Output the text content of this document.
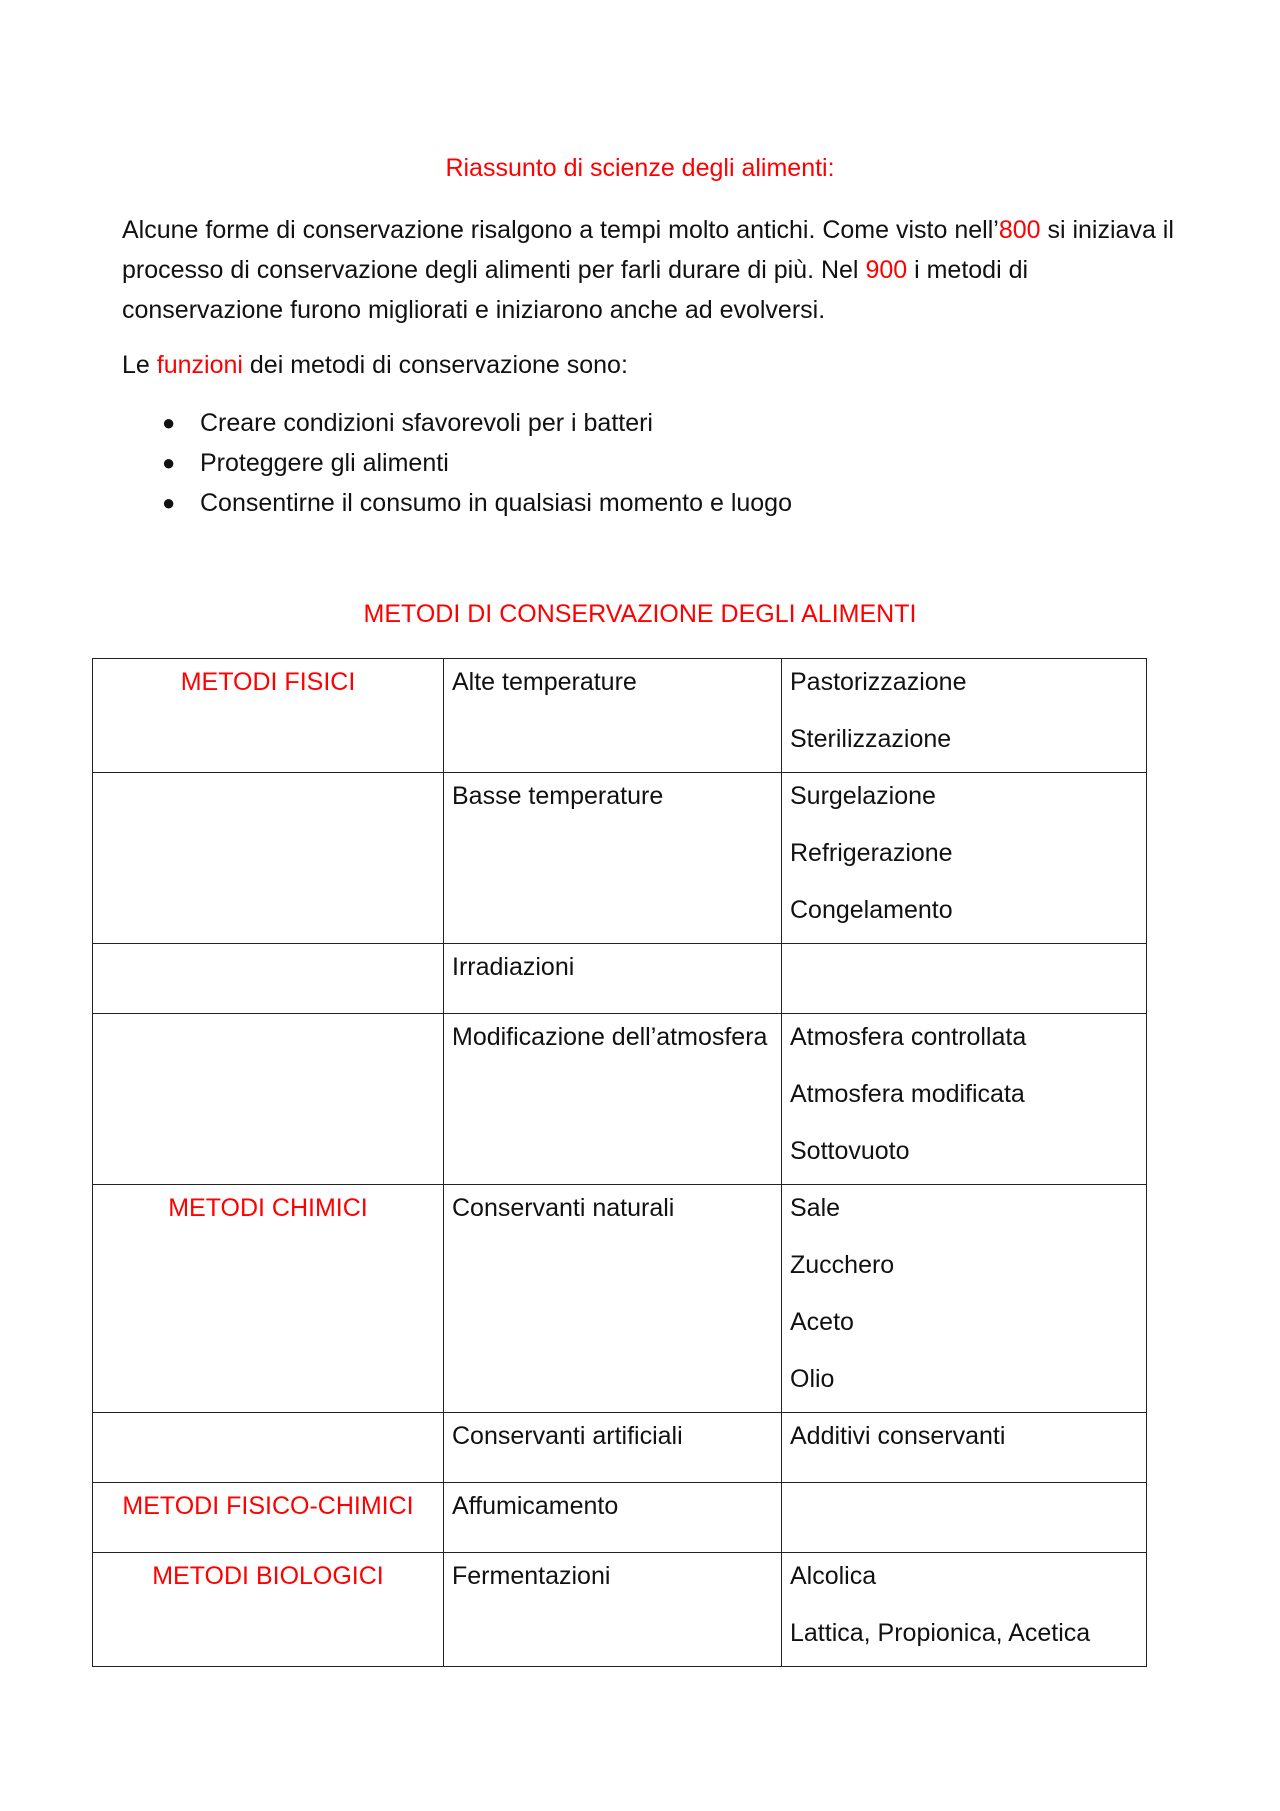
Riassunto di scienze degli alimenti:

Alcune forme di conservazione risalgono a tempi molto antichi. Come visto nell’800 si iniziava il processo di conservazione degli alimenti per farli durare di più. Nel 900 i metodi di conservazione furono migliorati e iniziarono anche ad evolversi.

Le funzioni dei metodi di conservazione sono:

● Creare condizioni sfavorevoli per i batteri
● Proteggere gli alimenti
● Consentirne il consumo in qualsiasi momento e luogo
METODI DI CONSERVAZIONE DEGLI ALIMENTI
METODI FISICI	Alte temperature	Pastorizzazione
Sterilizzazione

	Basse temperature	Surgelazione
Refrigerazione
Congelamento

	Irradiazioni	
	Modificazione dell’atmosfera	Atmosfera controllata
Atmosfera modificata
Sottovuoto

METODI CHIMICI	Conservanti naturali	Sale
Zucchero
Aceto
Olio

	Conservanti artificiali	Additivi conservanti

METODI FISICO-CHIMICI	Affumicamento	
METODI BIOLOGICI	Fermentazioni	Alcolica
Lattica, Propionica, Acetica
